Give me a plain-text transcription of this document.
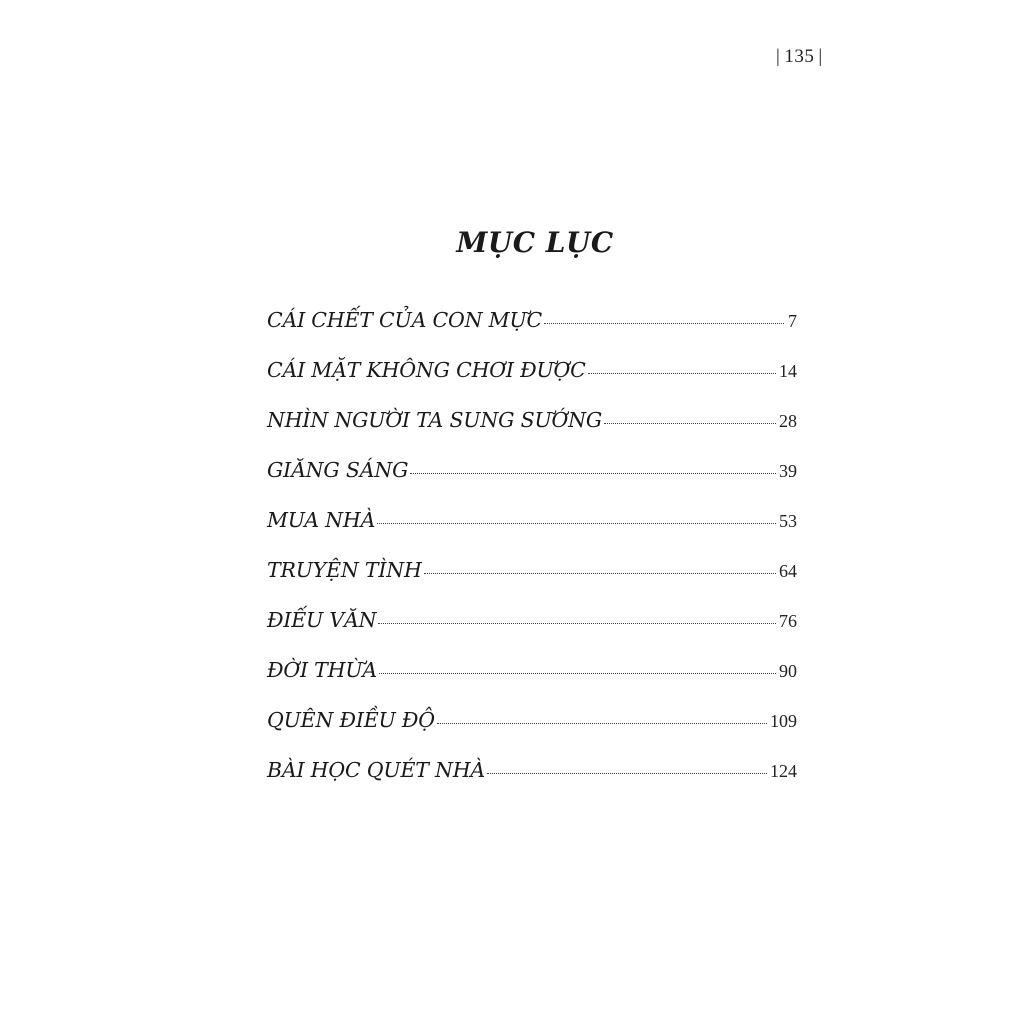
| 135 |
MỤC LỤC
CÁI CHẾT CỦA CON MỰC	7
CÁI MẶT KHÔNG CHƠI ĐƯỢC	14
NHÌN NGƯỜI TA SUNG SƯỚNG	28
GIĂNG SÁNG	39
MUA NHÀ	53
TRUYỆN TÌNH	64
ĐIẾU VĂN	76
ĐỜI THỪA	90
QUÊN ĐIỀU ĐỘ	109
BÀI HỌC QUÉT NHÀ	124
